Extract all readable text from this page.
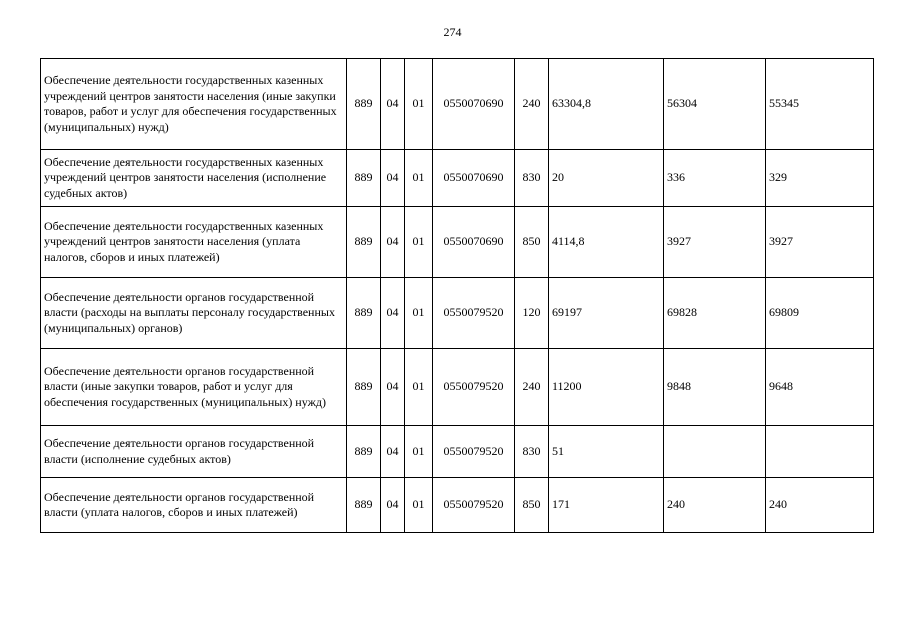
274
Обеспечение деятельности государственных казенных учреждений центров занятости населения (иные закупки товаров, работ и услуг для обеспечения государственных (муниципальных) нужд)	889	04	01	0550070690	240	63304,8	56304	55345
Обеспечение деятельности государственных казенных учреждений центров занятости населения (исполнение судебных актов)	889	04	01	0550070690	830	20	336	329
Обеспечение деятельности государственных казенных учреждений центров занятости населения (уплата налогов, сборов и иных платежей)	889	04	01	0550070690	850	4114,8	3927	3927
Обеспечение деятельности органов государственной власти (расходы на выплаты персоналу государственных (муниципальных) органов)	889	04	01	0550079520	120	69197	69828	69809
Обеспечение деятельности органов государственной власти (иные закупки товаров, работ и услуг для обеспечения государственных (муниципальных) нужд)	889	04	01	0550079520	240	11200	9848	9648
Обеспечение деятельности органов государственной власти (исполнение судебных актов)	889	04	01	0550079520	830	51		
Обеспечение деятельности органов государственной власти (уплата налогов, сборов и иных платежей)	889	04	01	0550079520	850	171	240	240
